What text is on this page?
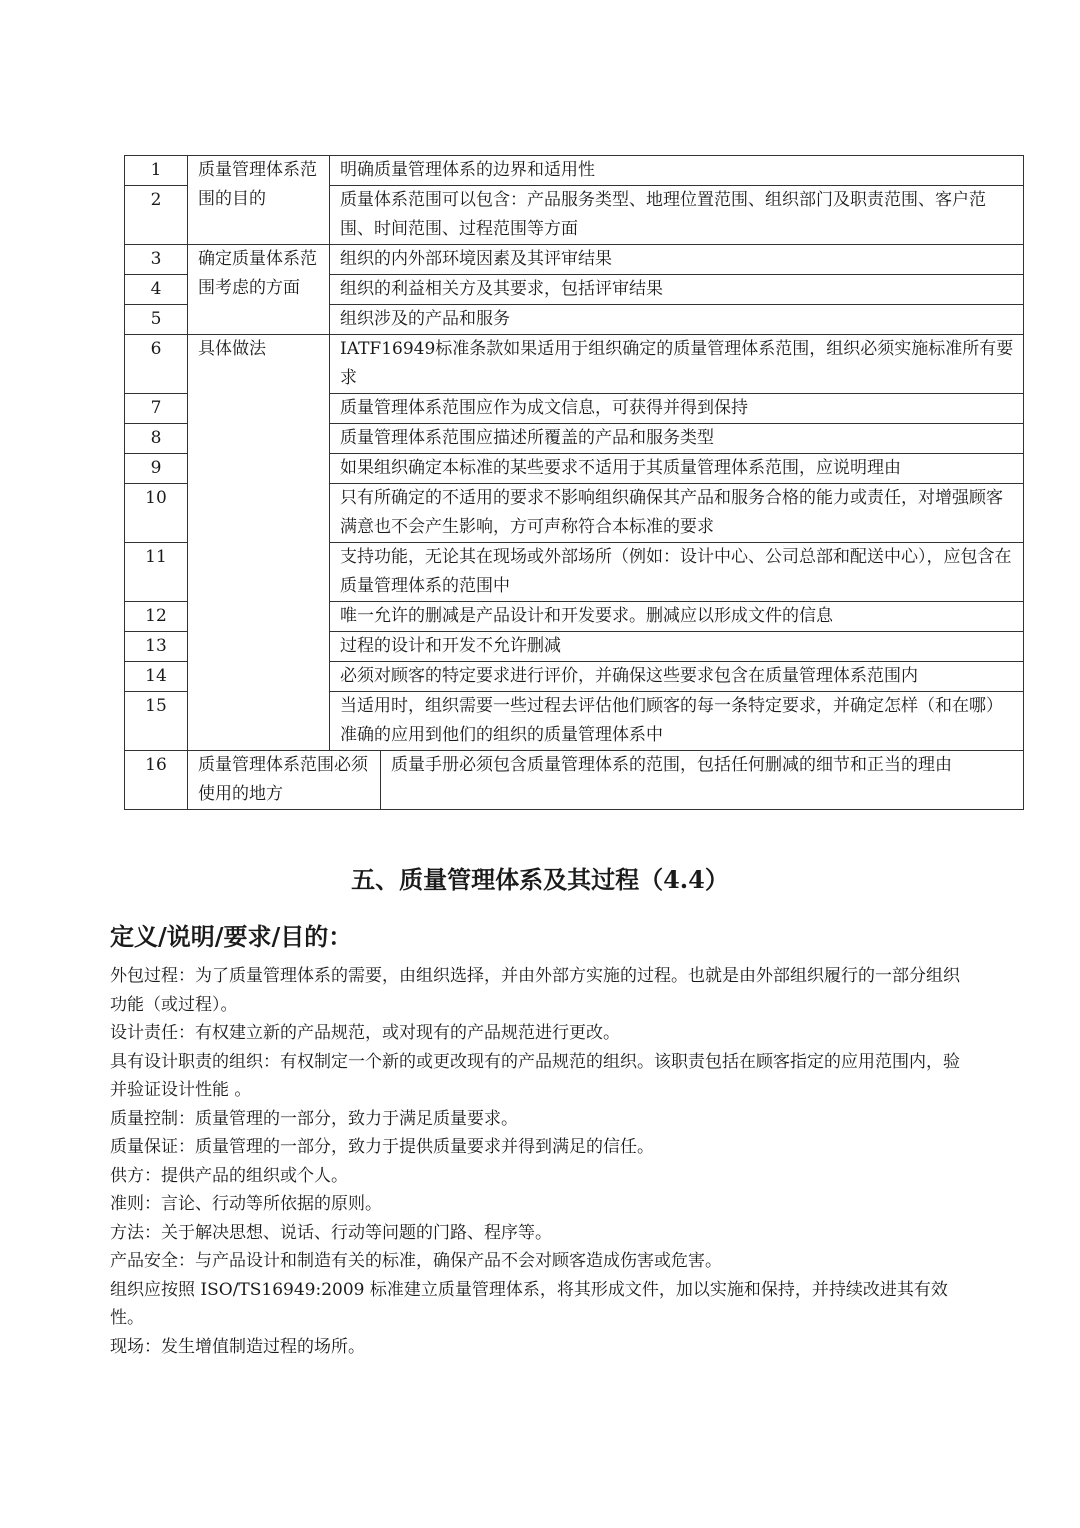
1	质量管理体系范围的目的	明确质量管理体系的边界和适用性	
2		质量体系范围可以包含：产品服务类型、地理位置范围、组织部门及职责范围、客户范围、时间范围、过程范围等方面	
3	确定质量体系范围考虑的方面	组织的内外部环境因素及其评审结果	
4		组织的利益相关方及其要求，包括评审结果	
5		组织涉及的产品和服务	
6	具体做法	IATF16949标准条款如果适用于组织确定的质量管理体系范围，组织必须实施标准所有要求	
7		质量管理体系范围应作为成文信息，可获得并得到保持	
8		质量管理体系范围应描述所覆盖的产品和服务类型	
9		如果组织确定本标准的某些要求不适用于其质量管理体系范围，应说明理由	
10		只有所确定的不适用的要求不影响组织确保其产品和服务合格的能力或责任，对增强顾客满意也不会产生影响，方可声称符合本标准的要求	
11		支持功能，无论其在现场或外部场所（例如：设计中心、公司总部和配送中心），应包含在质量管理体系的范围中	
12		唯一允许的删减是产品设计和开发要求。删减应以形成文件的信息	
13		过程的设计和开发不允许删减	
14		必须对顾客的特定要求进行评价，并确保这些要求包含在质量管理体系范围内	
15		当适用时，组织需要一些过程去评估他们顾客的每一条特定要求，并确定怎样（和在哪）准确的应用到他们的组织的质量管理体系中	
16	质量管理体系范围必须使用的地方		质量手册必须包含质量管理体系的范围，包括任何删减的细节和正当的理由
五、质量管理体系及其过程（4.4）
定义/说明/要求/目的：

外包过程：为了质量管理体系的需要，由组织选择，并由外部方实施的过程。也就是由外部组织履行的一部分组织功能（或过程）。

设计责任：有权建立新的产品规范，或对现有的产品规范进行更改。

具有设计职责的组织：有权制定一个新的或更改现有的产品规范的组织。该职责包括在顾客指定的应用范围内，验并验证设计性能 。

质量控制：质量管理的一部分，致力于满足质量要求。

质量保证：质量管理的一部分，致力于提供质量要求并得到满足的信任。

供方：提供产品的组织或个人。

准则：言论、行动等所依据的原则。

方法：关于解决思想、说话、行动等问题的门路、程序等。

产品安全：与产品设计和制造有关的标准，确保产品不会对顾客造成伤害或危害。

组织应按照 ISO/TS16949:2009 标准建立质量管理体系，将其形成文件，加以实施和保持，并持续改进其有效性。

现场：发生增值制造过程的场所。
